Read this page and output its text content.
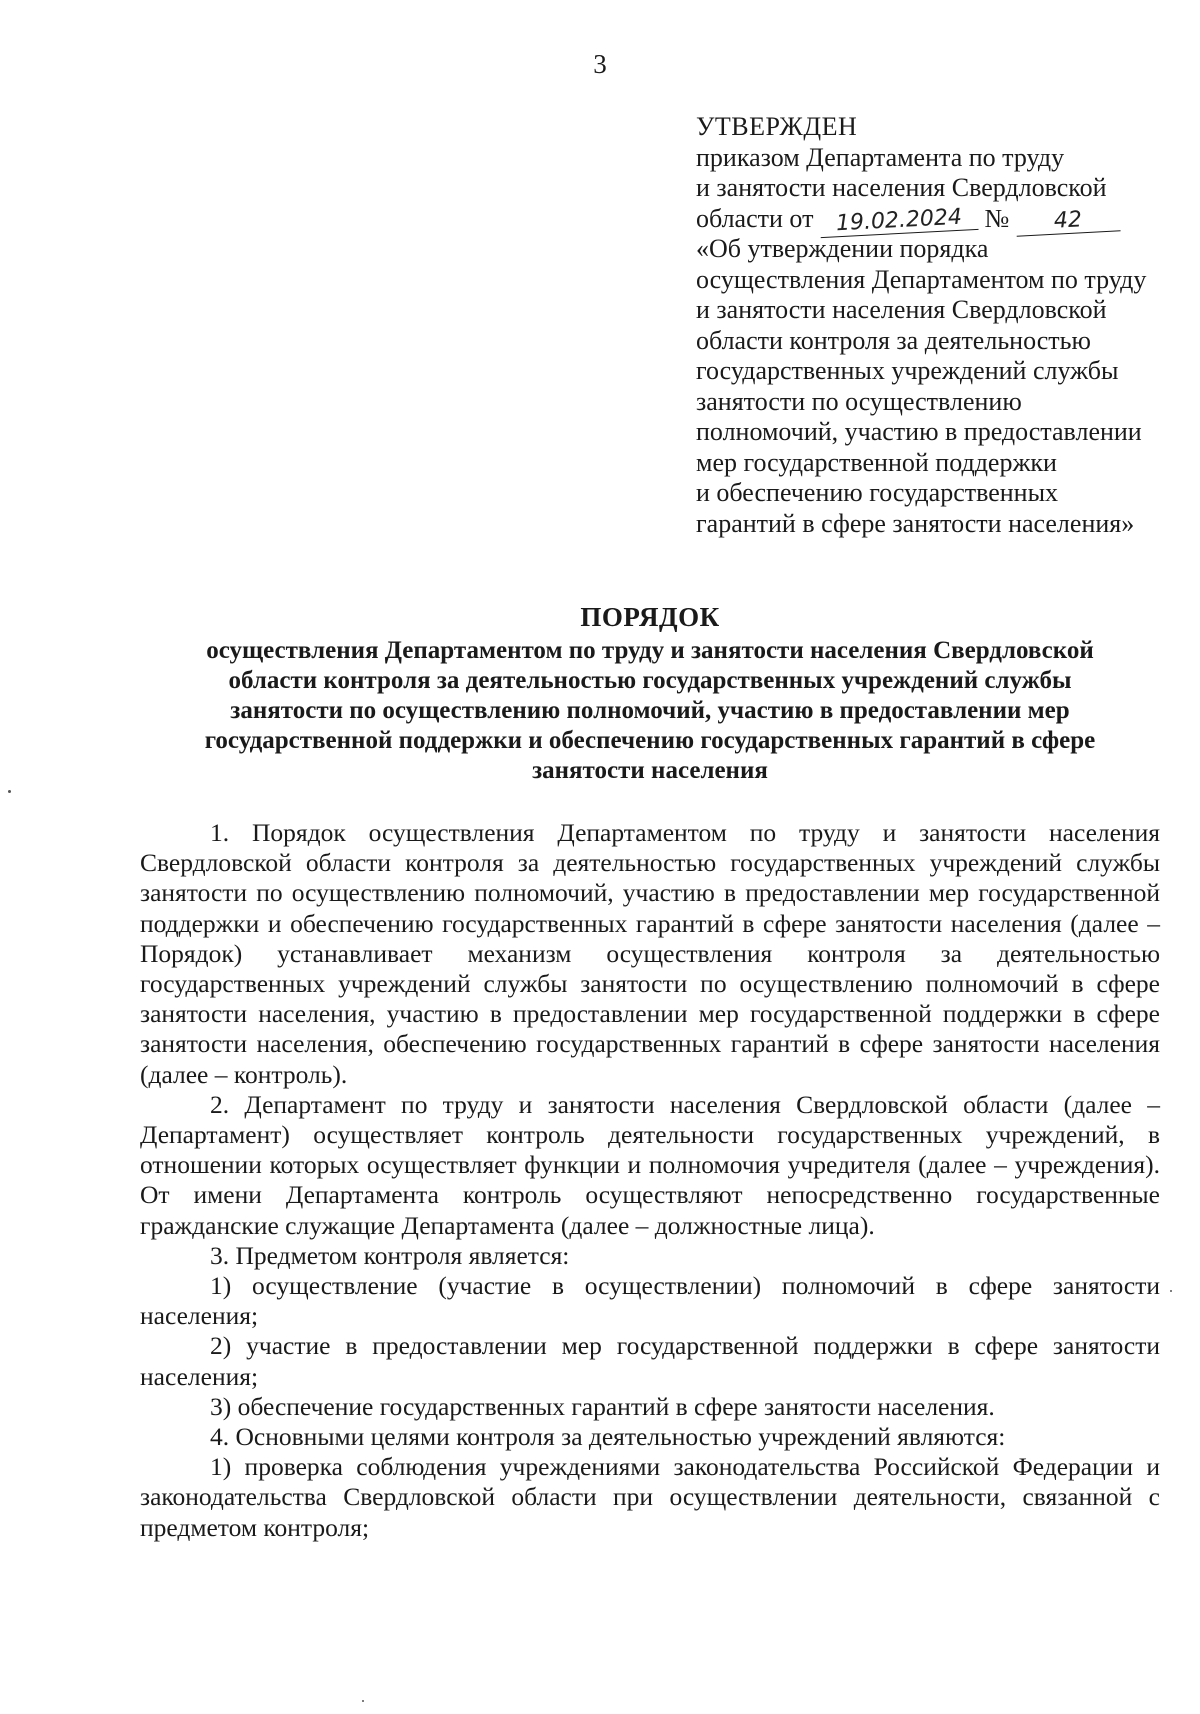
3
УТВЕРЖДЕН
приказом Департамента по труду
и занятости населения Свердловской
области от 19.02.2024 № 42
«Об утверждении порядка
осуществления Департаментом по труду
и занятости населения Свердловской
области контроля за деятельностью
государственных учреждений службы
занятости по осуществлению
полномочий, участию в предоставлении
мер государственной поддержки
и обеспечению государственных
гарантий в сфере занятости населения»
ПОРЯДОК
осуществления Департаментом по труду и занятости населения Свердловской
области контроля за деятельностью государственных учреждений службы
занятости по осуществлению полномочий, участию в предоставлении мер
государственной поддержки и обеспечению государственных гарантий в сфере
занятости населения

1. Порядок осуществления Департаментом по труду и занятости населения Свердловской области контроля за деятельностью государственных учреждений службы занятости по осуществлению полномочий, участию в предоставлении мер государственной поддержки и обеспечению государственных гарантий в сфере занятости населения (далее – Порядок) устанавливает механизм осуществления контроля за деятельностью государственных учреждений службы занятости по осуществлению полномочий в сфере занятости населения, участию в предоставлении мер государственной поддержки в сфере занятости населения, обеспечению государственных гарантий в сфере занятости населения (далее – контроль).

2. Департамент по труду и занятости населения Свердловской области (далее – Департамент) осуществляет контроль деятельности государственных учреждений, в отношении которых осуществляет функции и полномочия учредителя (далее – учреждения). От имени Департамента контроль осуществляют непосредственно государственные гражданские служащие Департамента (далее – должностные лица).

3. Предметом контроля является:

1) осуществление (участие в осуществлении) полномочий в сфере занятости населения;

2) участие в предоставлении мер государственной поддержки в сфере занятости населения;

3) обеспечение государственных гарантий в сфере занятости населения.

4. Основными целями контроля за деятельностью учреждений являются:

1) проверка соблюдения учреждениями законодательства Российской Федерации и законодательства Свердловской области при осуществлении деятельности, связанной с предметом контроля;
